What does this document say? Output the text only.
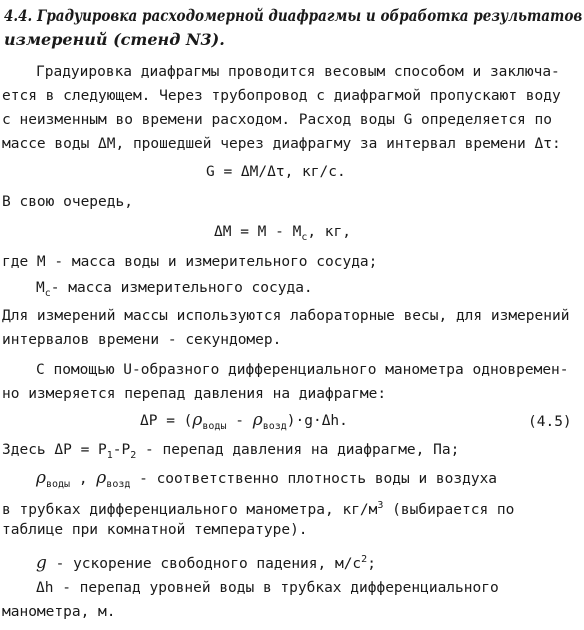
4.4. Градуировка расходомерной диафрагмы и обработка результатов
измерений (стенд N3).
Градуировка диафрагмы проводится весовым способом и заключа-
ется в следующем. Через трубопровод с диафрагмой пропускают воду
с неизменным во времени расходом. Расход воды G определяется по
массе воды ΔM, прошедшей через диафрагму за интервал времени Δτ:
G = ΔM/Δτ, кг/с.
В свою очередь,
$\Delta M = M - M_c$, кг,
где M - масса воды и измерительного сосуда;
$M_c-$ масса измерительного сосуда.
Для измерений массы используются лабораторные весы, для измерений
интервалов времени - секундомер.
С помощью U-образного дифференциального манометра одновремен-
но измеряется перепад давления на диафрагме:
$\Delta P = (\rho_{воды} - \rho_{возд})\cdot g\cdot\Delta h$.	(4.5)
Здесь $\Delta P = P_1-P_2$ - перепад давления на диафрагме, Па;
$\rho_{воды}$ , $\rho_{возд}$ - соответственно плотность воды и воздуха
в трубках дифференциального манометра, $кг/м^3$ (выбирается по
таблице при комнатной температуре).
g - ускорение свободного падения, $м/с^2$;
Δh - перепад уровней воды в трубках дифференциального
манометра, м.
